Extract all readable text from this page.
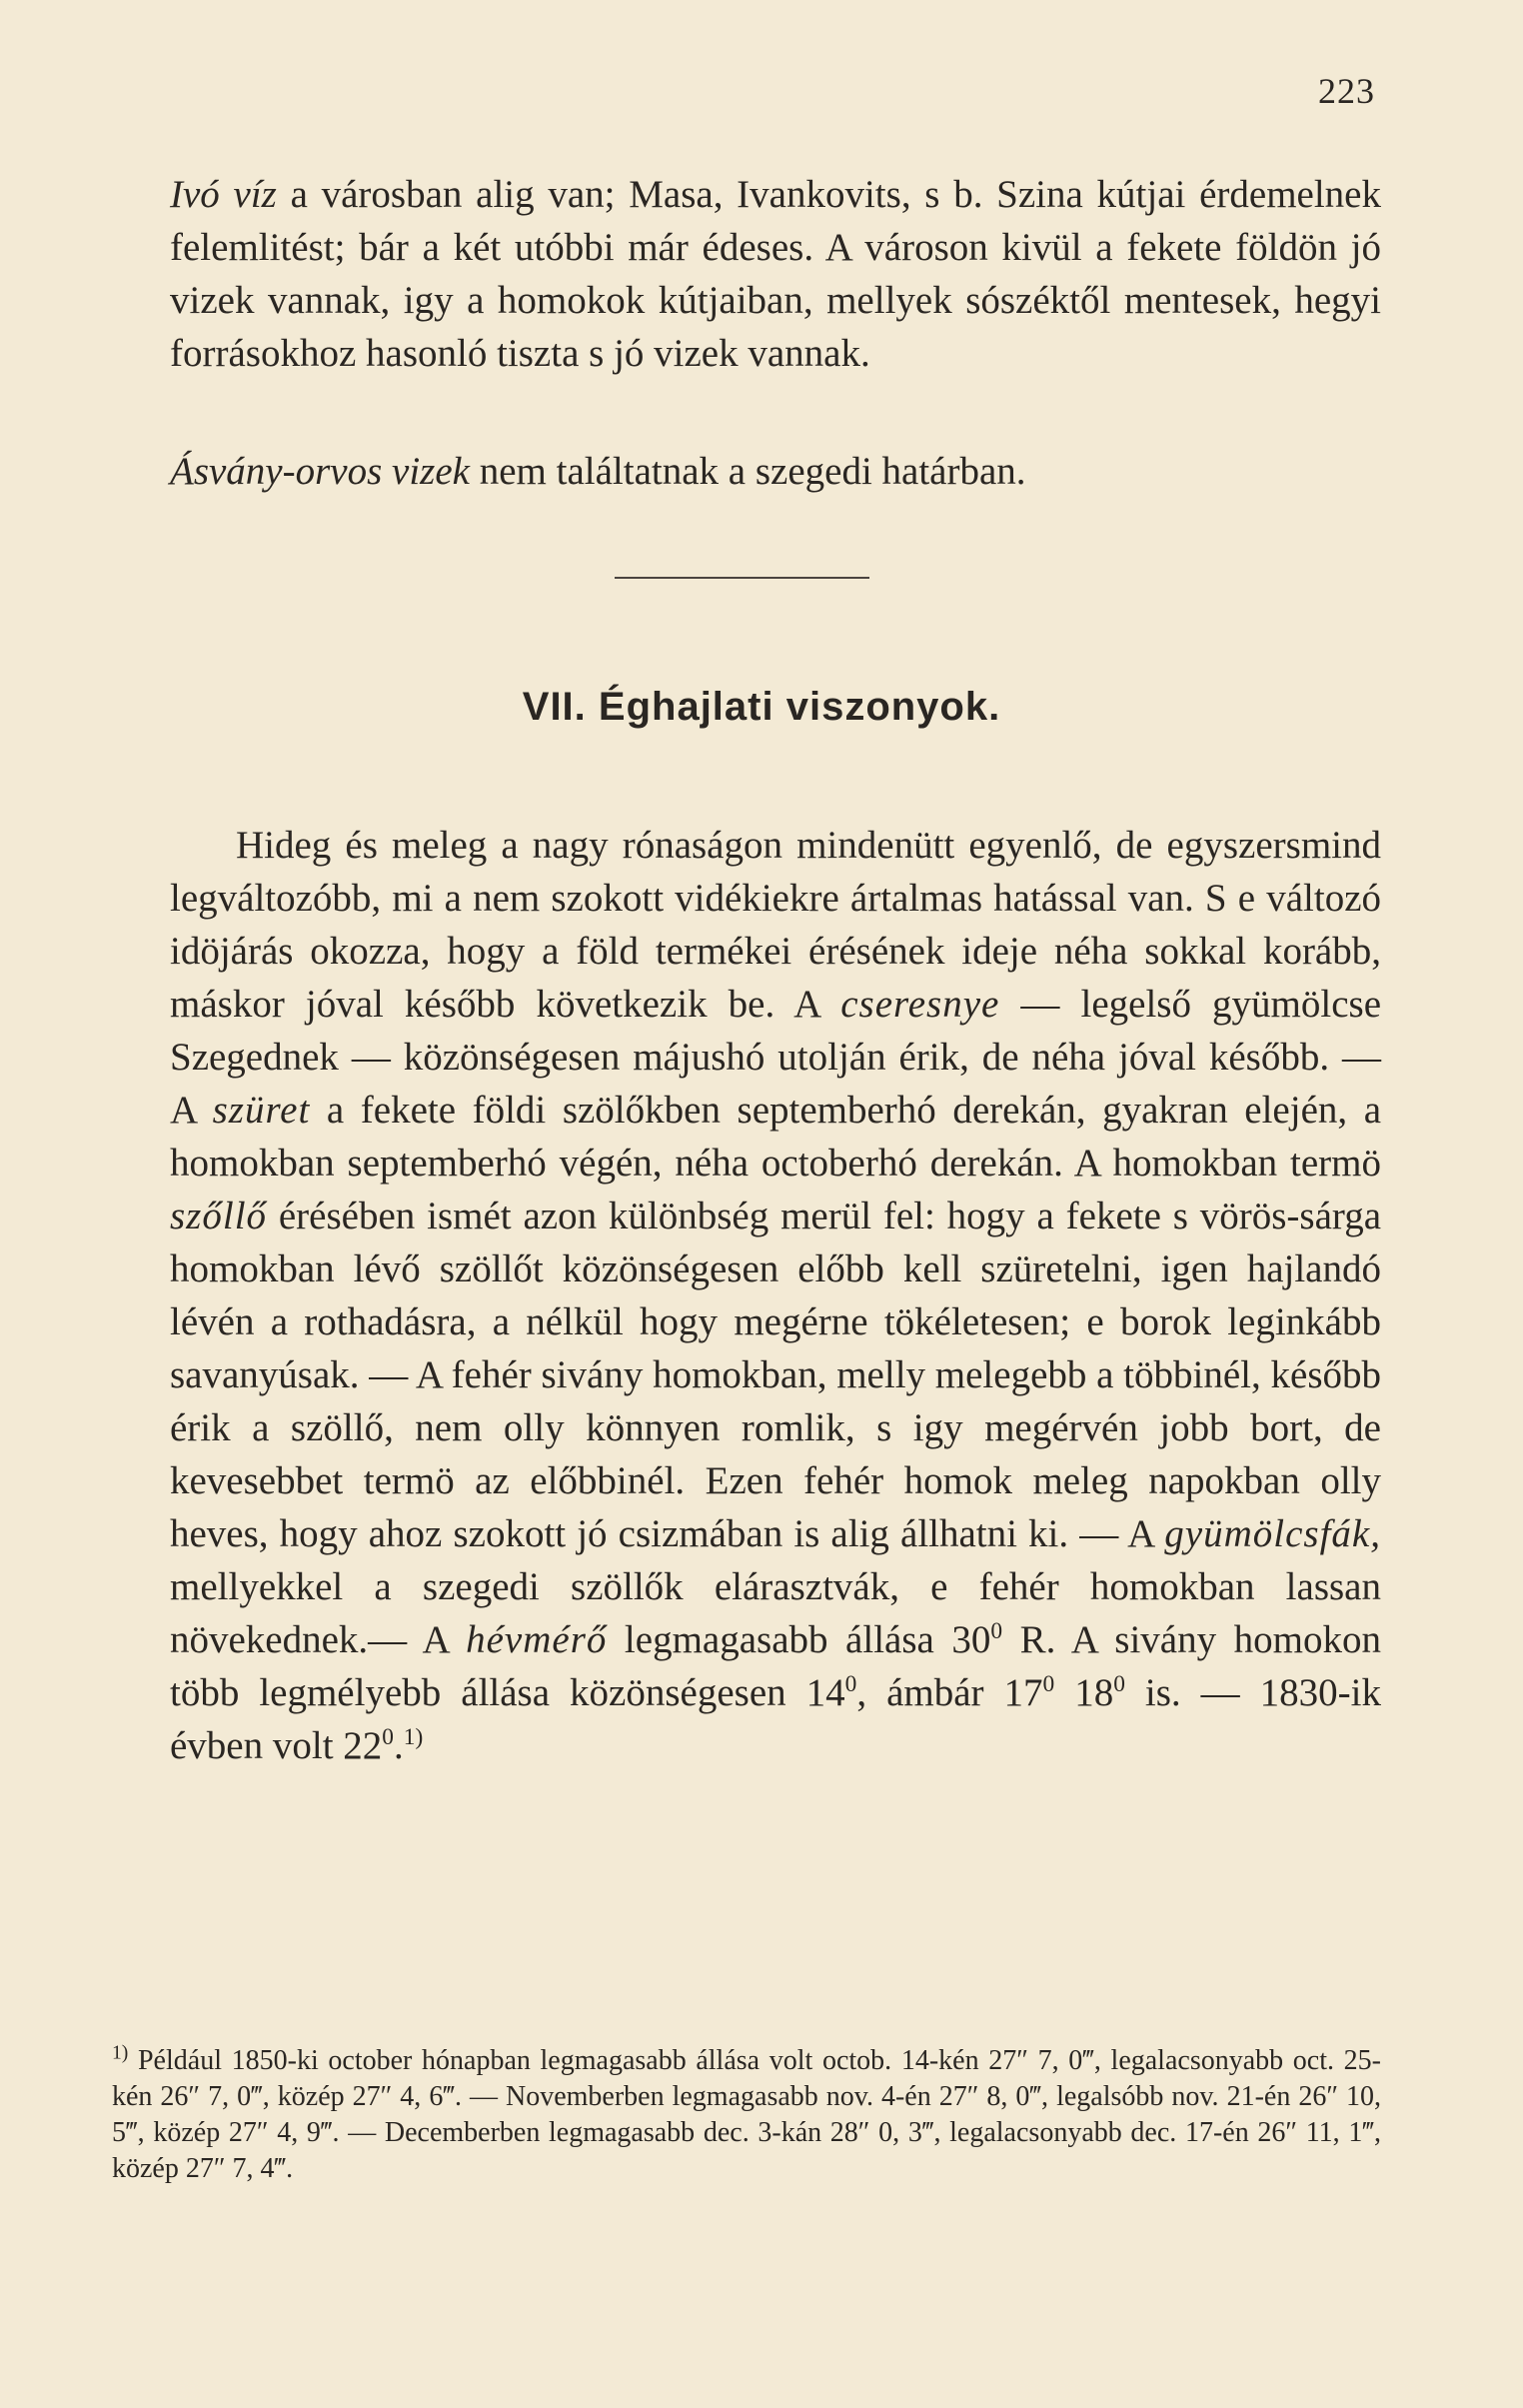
223
Ivó víz a városban alig van; Masa, Ivankovits, s b. Szina kútjai érdemelnek felemlitést; bár a két utóbbi már édeses. A városon kivül a fekete földön jó vizek vannak, igy a homokok kútjaiban, mellyek sószéktől mentesek, hegyi forrásokhoz hasonló tiszta s jó vizek vannak.
Ásvány-orvos vizek nem találtatnak a szegedi határban.
VII. Éghajlati viszonyok.
Hideg és meleg a nagy rónaságon mindenütt egyenlő, de egyszersmind legváltozóbb, mi a nem szokott vidékiekre ártalmas hatással van. S e változó idöjárás okozza, hogy a föld termékei érésének ideje néha sokkal korább, máskor jóval később következik be. A cseresnye — legelső gyümölcse Szegednek — közönségesen májushó utolján érik, de néha jóval később. — A szüret a fekete földi szölőkben septemberhó derekán, gyakran elején, a homokban septemberhó végén, néha octoberhó derekán. A homokban termö szőllő érésében ismét azon különbség merül fel: hogy a fekete s vörös-sárga homokban lévő szöllőt közönségesen előbb kell szüretelni, igen hajlandó lévén a rothadásra, a nélkül hogy megérne tökéletesen; e borok leginkább savanyúsak. — A fehér sivány homokban, melly melegebb a többinél, később érik a szöllő, nem olly könnyen romlik, s igy megérvén jobb bort, de kevesebbet termö az előbbinél. Ezen fehér homok meleg napokban olly heves, hogy ahoz szokott jó csizmában is alig állhatni ki. — A gyümölcsfák, mellyekkel a szegedi szöllők elárasztvák, e fehér homokban lassan növekednek.— A hévmérő legmagasabb állása $30^0$ R. A sivány homokon több legmélyebb állása közönségesen $14^0$, ámbár $17^0$ $18^0$ is. — 1830-ik évben volt $22^0.^{1)}$
$^{1)}$ Például 1850-ki october hónapban legmagasabb állása volt octob. 14-kén 27″ 7, 0‴, legalacsonyabb oct. 25-kén 26″ 7, 0‴, közép 27″ 4, 6‴. — Novemberben legmagasabb nov. 4-én 27″ 8, 0‴, legalsóbb nov. 21-én 26″ 10, 5‴, közép 27″ 4, 9‴. — Decemberben legmagasabb dec. 3-kán 28″ 0, 3‴, legalacsonyabb dec. 17-én 26″ 11, 1‴, közép 27″ 7, 4‴.
